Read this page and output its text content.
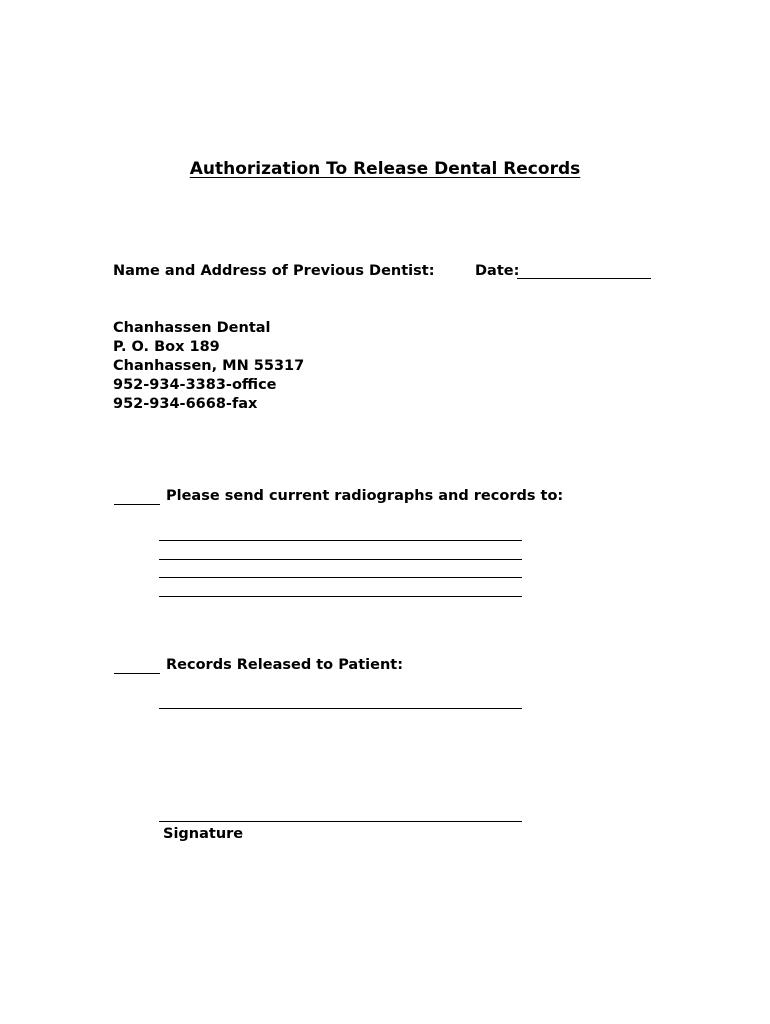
Authorization To Release Dental Records
Name and Address of Previous Dentist:	Date:
Chanhassen Dental
P. O. Box 189
Chanhassen, MN 55317
952-934-3383-office
952-934-6668-fax
Please send current radiographs and records to:
Records Released to Patient:
Signature
